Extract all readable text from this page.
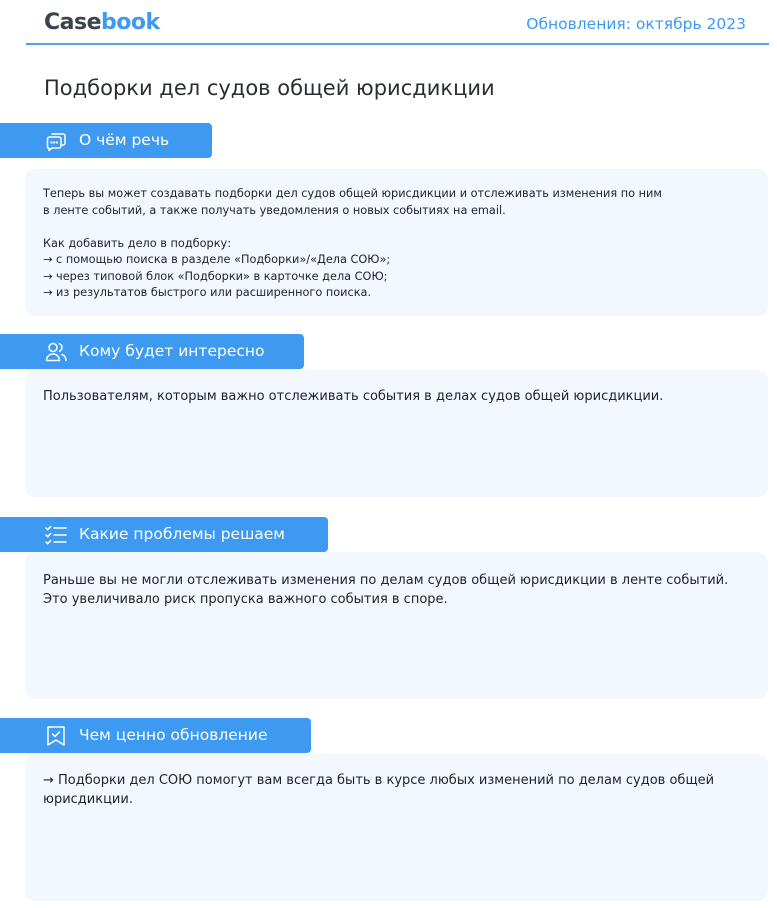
Casebook	Обновления: октябрь 2023
Подборки дел судов общей юрисдикции
О чём речь

Теперь вы может создавать подборки дел судов общей юрисдикции и отслеживать изменения по ним

в ленте событий, а также получать уведомления о новых событиях на email.

Как добавить дело в подборку:

→ с помощью поиска в разделе «Подборки»/«Дела СОЮ»;

→ через типовой блок «Подборки» в карточке дела СОЮ;

→ из результатов быстрого или расширенного поиска.

Кому будет интересно

Пользователям, которым важно отслеживать события в делах судов общей юрисдикции.

Какие проблемы решаем

Раньше вы не могли отслеживать изменения по делам судов общей юрисдикции в ленте событий. Это увеличивало риск пропуска важного события в споре.

Чем ценно обновление

→ Подборки дел СОЮ помогут вам всегда быть в курсе любых изменений по делам судов общей юрисдикции.
